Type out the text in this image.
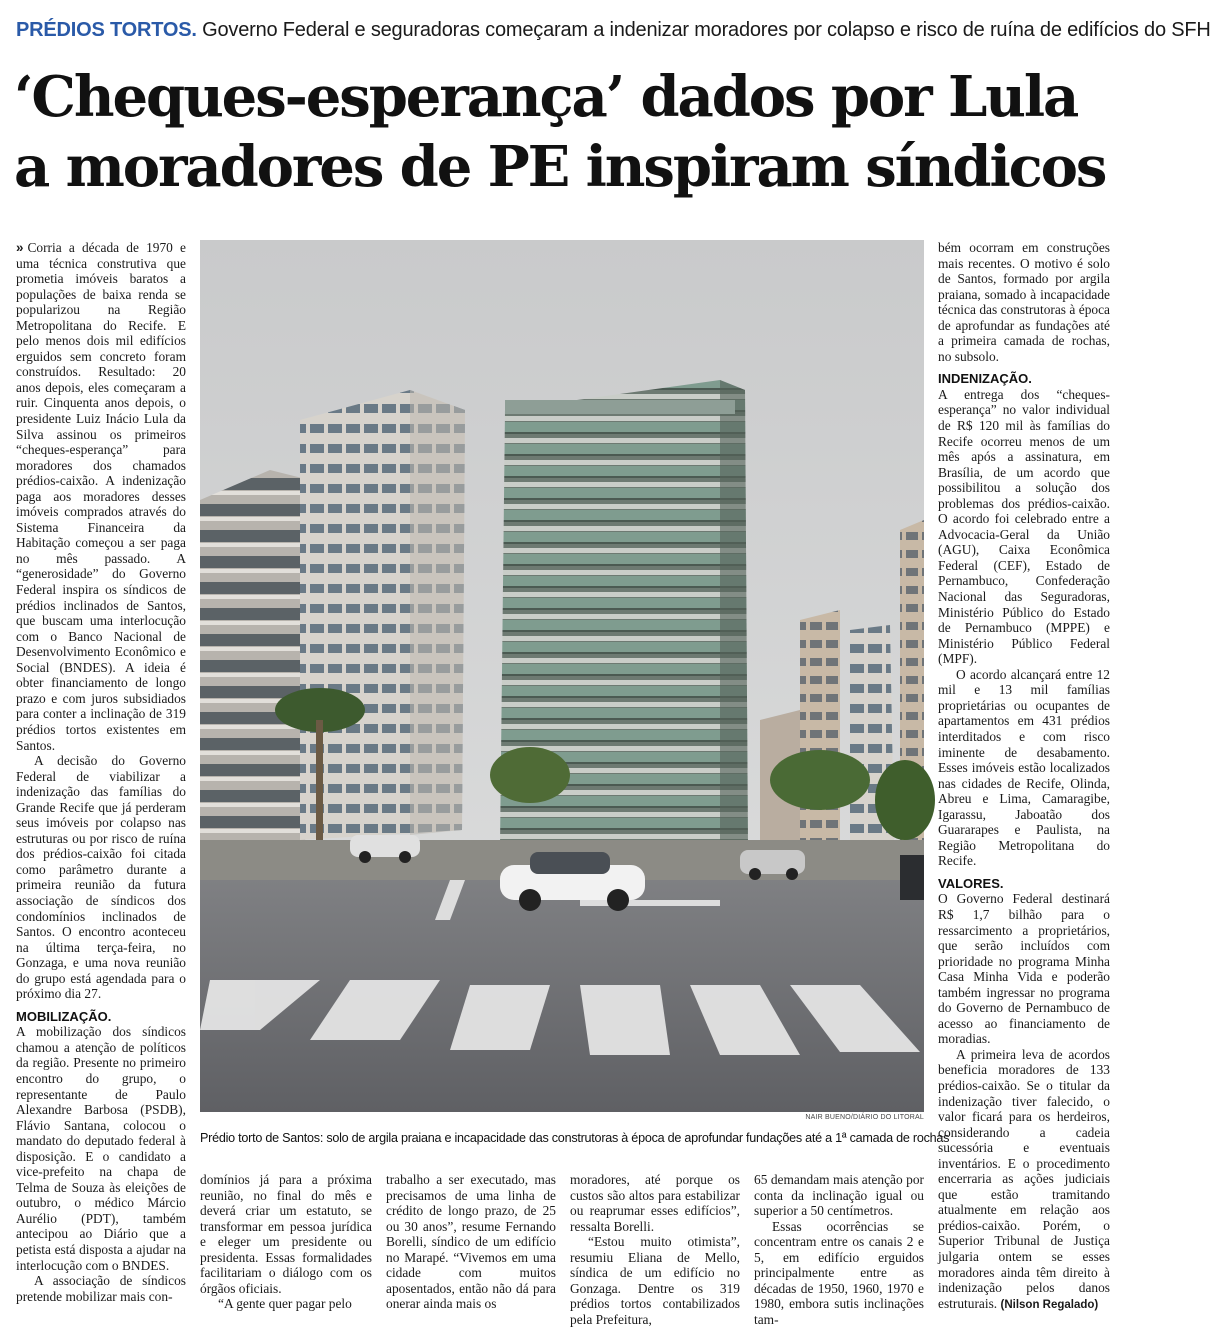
PRÉDIOS TORTOS. Governo Federal e seguradoras começaram a indenizar moradores por colapso e risco de ruína de edifícios do SFH
‘Cheques-esperança’ dados por Lula
a moradores de PE inspiram síndicos

» Corria a década de 1970 e uma técnica construtiva que prometia imóveis baratos a populações de baixa renda se popularizou na Região Metropolitana do Recife. E pelo menos dois mil edifícios erguidos sem concreto foram construídos. Resultado: 20 anos depois, eles começaram a ruir. Cinquenta anos depois, o presidente Luiz Inácio Lula da Silva assinou os primeiros “cheques-esperança” para moradores dos chamados prédios-caixão. A indenização paga aos moradores desses imóveis comprados através do Sistema Financeira da Habitação começou a ser paga no mês passado. A “generosidade” do Governo Federal inspira os síndicos de prédios inclinados de Santos, que buscam uma interlocução com o Banco Nacional de Desenvolvimento Econômico e Social (BNDES). A ideia é obter financiamento de longo prazo e com juros subsidiados para conter a inclinação de 319 prédios tortos existentes em Santos.

A decisão do Governo Federal de viabilizar a indenização das famílias do Grande Recife que já perderam seus imóveis por colapso nas estruturas ou por risco de ruína dos prédios-caixão foi citada como parâmetro durante a primeira reunião da futura associação de síndicos dos condomínios inclinados de Santos. O encontro aconteceu na última terça-feira, no Gonzaga, e uma nova reunião do grupo está agendada para o próximo dia 27.

MOBILIZAÇÃO.

A mobilização dos síndicos chamou a atenção de políticos da região. Presente no primeiro encontro do grupo, o representante de Paulo Alexandre Barbosa (PSDB), Flávio Santana, colocou o mandato do deputado federal à disposição. E o candidato a vice-prefeito na chapa de Telma de Souza às eleições de outubro, o médico Márcio Aurélio (PDT), também antecipou ao Diário que a petista está disposta a ajudar na interlocução com o BNDES.

A associação de síndicos pretende mobilizar mais con-

NAIR BUENO/DIÁRIO DO LITORAL
Prédio torto de Santos: solo de argila praiana e incapacidade das construtoras à época de aprofundar fundações até a 1ª camada de rochas

domínios já para a próxima reunião, no final do mês e deverá criar um estatuto, se transformar em pessoa jurídica e eleger um presidente ou presidenta. Essas formalidades facilitariam o diálogo com os órgãos oficiais.

“A gente quer pagar pelo

trabalho a ser executado, mas precisamos de uma linha de crédito de longo prazo, de 25 ou 30 anos”, resume Fernando Borelli, síndico de um edifício no Marapé. “Vivemos em uma cidade com muitos aposentados, então não dá para onerar ainda mais os

moradores, até porque os custos são altos para estabilizar ou reaprumar esses edifícios”, ressalta Borelli.

“Estou muito otimista”, resumiu Eliana de Mello, síndica de um edifício no Gonzaga. Dentre os 319 prédios tortos contabilizados pela Prefeitura,

65 demandam mais atenção por conta da inclinação igual ou superior a 50 centímetros.

Essas ocorrências se concentram entre os canais 2 e 5, em edifício erguidos principalmente entre as décadas de 1950, 1960, 1970 e 1980, embora sutis inclinações tam-

bém ocorram em construções mais recentes. O motivo é solo de Santos, formado por argila praiana, somado à incapacidade técnica das construtoras à época de aprofundar as fundações até a primeira camada de rochas, no subsolo.

INDENIZAÇÃO.

A entrega dos “cheques-esperança” no valor individual de R$ 120 mil às famílias do Recife ocorreu menos de um mês após a assinatura, em Brasília, de um acordo que possibilitou a solução dos problemas dos prédios-caixão. O acordo foi celebrado entre a Advocacia-Geral da União (AGU), Caixa Econômica Federal (CEF), Estado de Pernambuco, Confederação Nacional das Seguradoras, Ministério Público do Estado de Pernambuco (MPPE) e Ministério Público Federal (MPF).

O acordo alcançará entre 12 mil e 13 mil famílias proprietárias ou ocupantes de apartamentos em 431 prédios interditados e com risco iminente de desabamento. Esses imóveis estão localizados nas cidades de Recife, Olinda, Abreu e Lima, Camaragibe, Igarassu, Jaboatão dos Guararapes e Paulista, na Região Metropolitana do Recife.

VALORES.

O Governo Federal destinará R$ 1,7 bilhão para o ressarcimento a proprietários, que serão incluídos com prioridade no programa Minha Casa Minha Vida e poderão também ingressar no programa do Governo de Pernambuco de acesso ao financiamento de moradias.

A primeira leva de acordos beneficia moradores de 133 prédios-caixão. Se o titular da indenização tiver falecido, o valor ficará para os herdeiros, considerando a cadeia sucessória e eventuais inventários. E o procedimento encerraria as ações judiciais que estão tramitando atualmente em relação aos prédios-caixão. Porém, o Superior Tribunal de Justiça julgaria ontem se esses moradores ainda têm direito à indenização pelos danos estruturais. (Nilson Regalado)
